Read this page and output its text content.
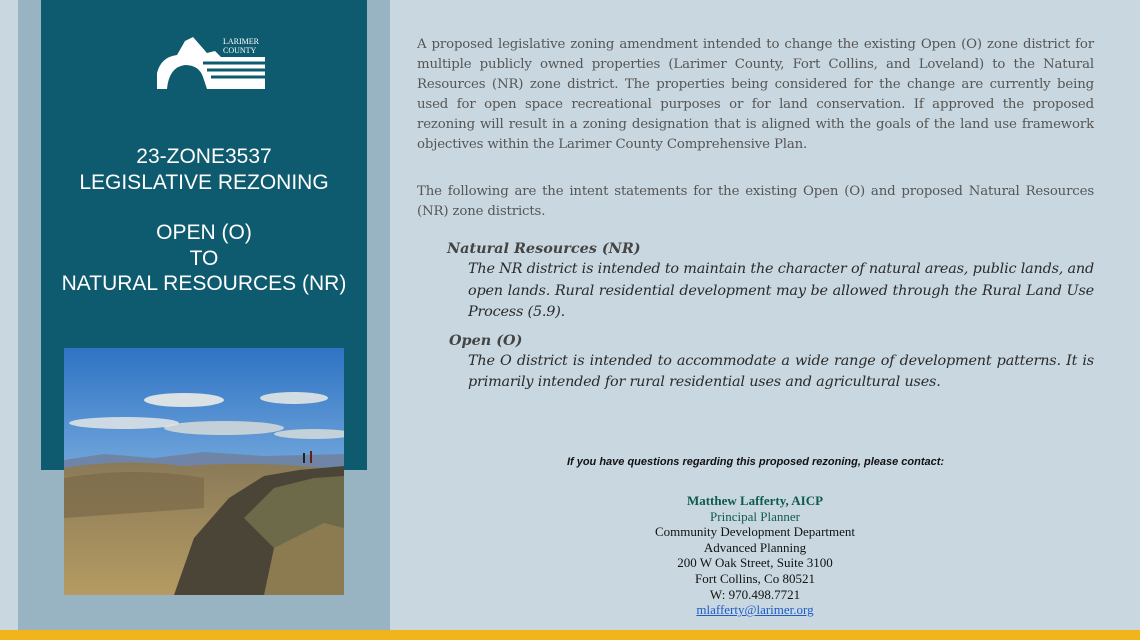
LARIMER
COUNTY
23-ZONE3537
LEGISLATIVE REZONING
OPEN (O)
TO
NATURAL RESOURCES (NR)

A proposed legislative zoning amendment intended to change the existing Open (O) zone district for multiple publicly owned properties (Larimer County, Fort Collins, and Loveland) to the Natural Resources (NR) zone district. The properties being considered for the change are currently being used for open space recreational purposes or for land conservation. If approved the proposed rezoning will result in a zoning designation that is aligned with the goals of the land use framework objectives within the Larimer County Comprehensive Plan.

The following are the intent statements for the existing Open (O) and proposed Natural Resources (NR) zone districts.

Natural Resources (NR)
The NR district is intended to maintain the character of natural areas, public lands, and open lands. Rural residential development may be allowed through the Rural Land Use Process (5.9).
Open (O)
The O district is intended to accommodate a wide range of development patterns. It is primarily intended for rural residential uses and agricultural uses.
If you have questions regarding this proposed rezoning, please contact:
Matthew Lafferty, AICP
Principal Planner
Community Development Department
Advanced Planning
200 W Oak Street, Suite 3100
Fort Collins, Co 80521
W: 970.498.7721
mlafferty@larimer.org
